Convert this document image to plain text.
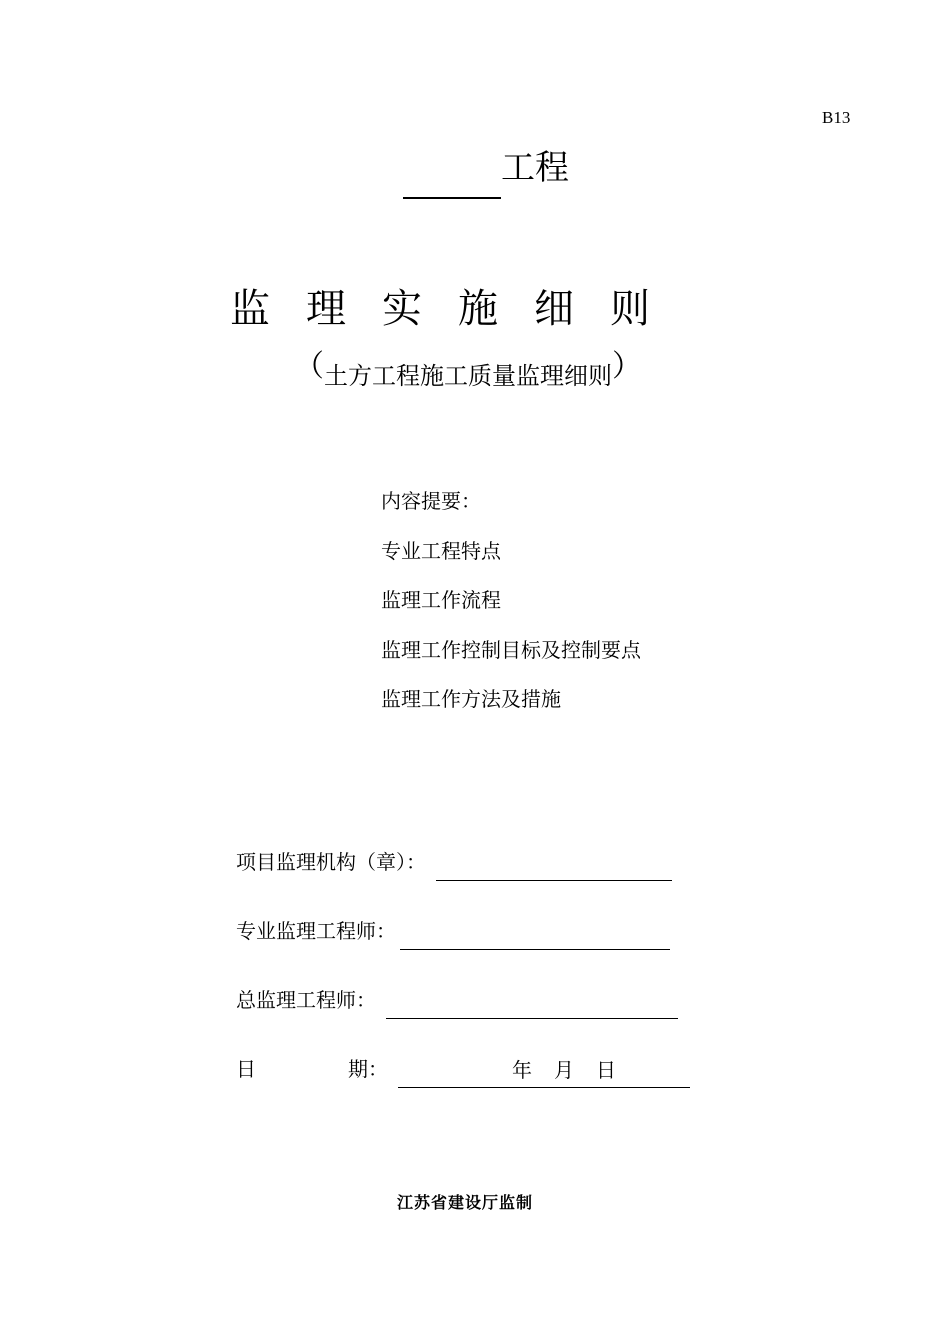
B13
工程
监理实施细则
（土方工程施工质量监理细则）
内容提要：
专业工程特点
监理工作流程
监理工作控制目标及控制要点
监理工作方法及措施
项目监理机构（章）：
专业监理工程师：
总监理工程师：
日	期：	年 月 日
江苏省建设厅监制
